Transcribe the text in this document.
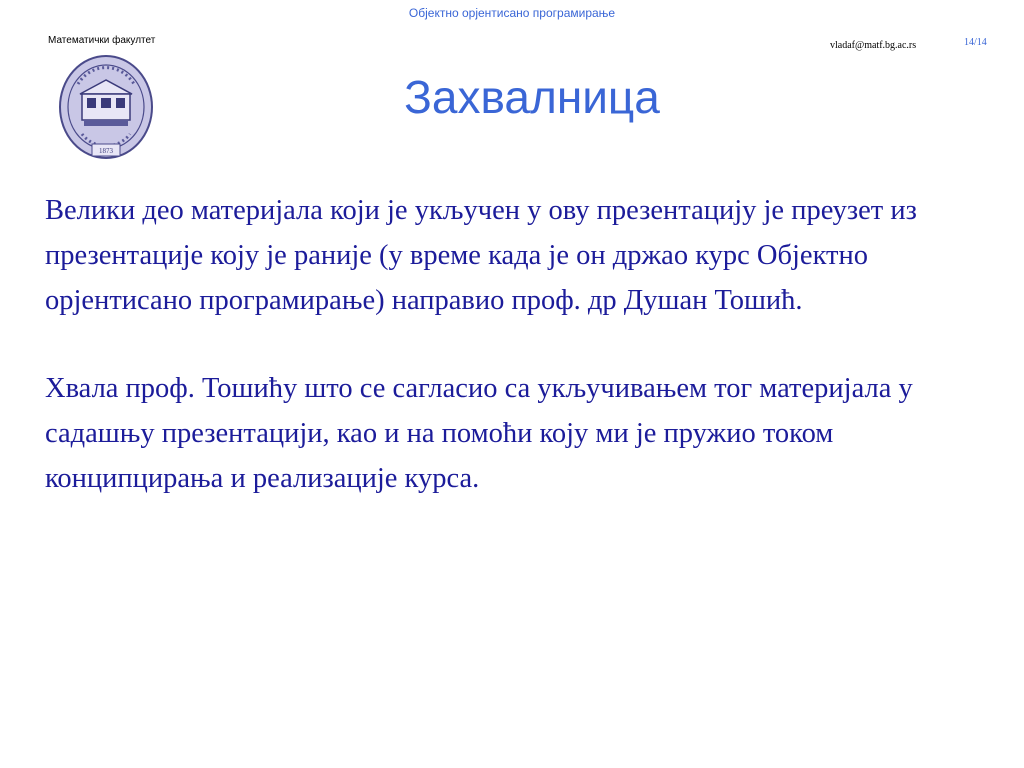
Објектно орјентисано програмирање
Математички факултет	vladaf@matf.bg.ac.rs	14/14
1873
Захвалница

Велики део материјала који је укључен у ову презентацију је преузет из презентације коју је раније (у време када је он држао курс Објектно орјентисано програмирање) направио проф. др Душан Тошић.

Хвала проф. Тошићу што се сагласио са укључивањем тог материјала у садашњу презентацији, као и на помоћи коју ми је пружио током конципцирања и реализације курса.
